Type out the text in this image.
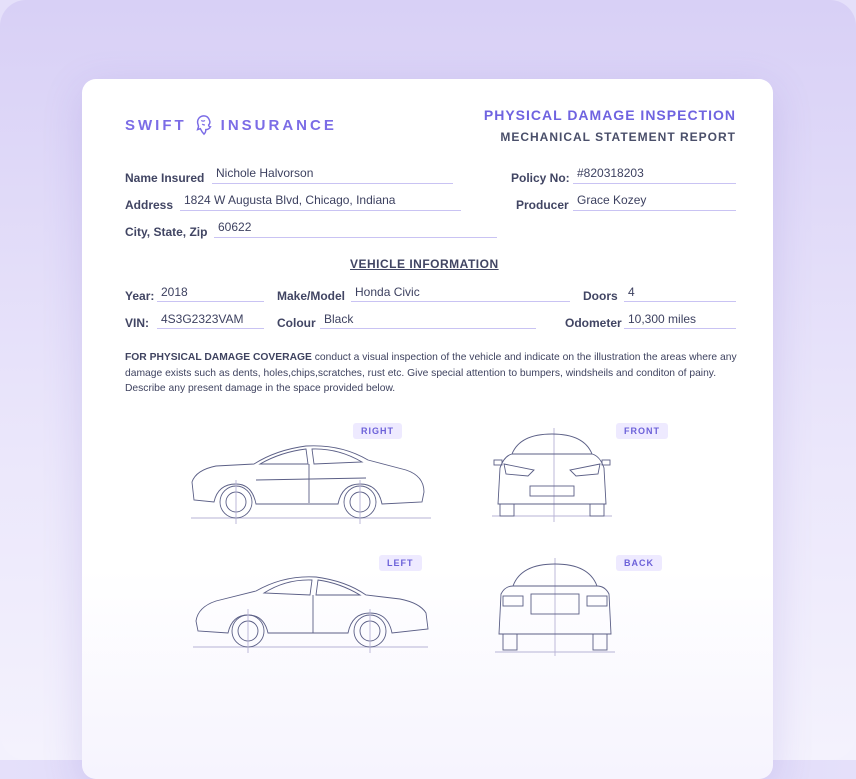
SWIFT INSURANCE
PHYSICAL DAMAGE INSPECTION
MECHANICAL STATEMENT REPORT
Name Insured Nichole Halvorson
Address 1824 W Augusta Blvd, Chicago, Indiana
City, State, Zip 60622
Policy No: #820318203
Producer Grace Kozey
VEHICLE INFORMATION
Year: 2018	Make/Model Honda Civic	Doors 4
VIN: 4S3G2323VAM	Colour Black	Odometer 10,300 miles
FOR PHYSICAL DAMAGE COVERAGE conduct a visual inspection of the vehicle and indicate on the illustration the areas where any damage exists such as dents, holes,chips,scratches, rust etc. Give special attention to bumpers, windsheils and conditon of painy. Describe any present damage in the space provided below.
RIGHT	FRONT
LEFT	BACK
